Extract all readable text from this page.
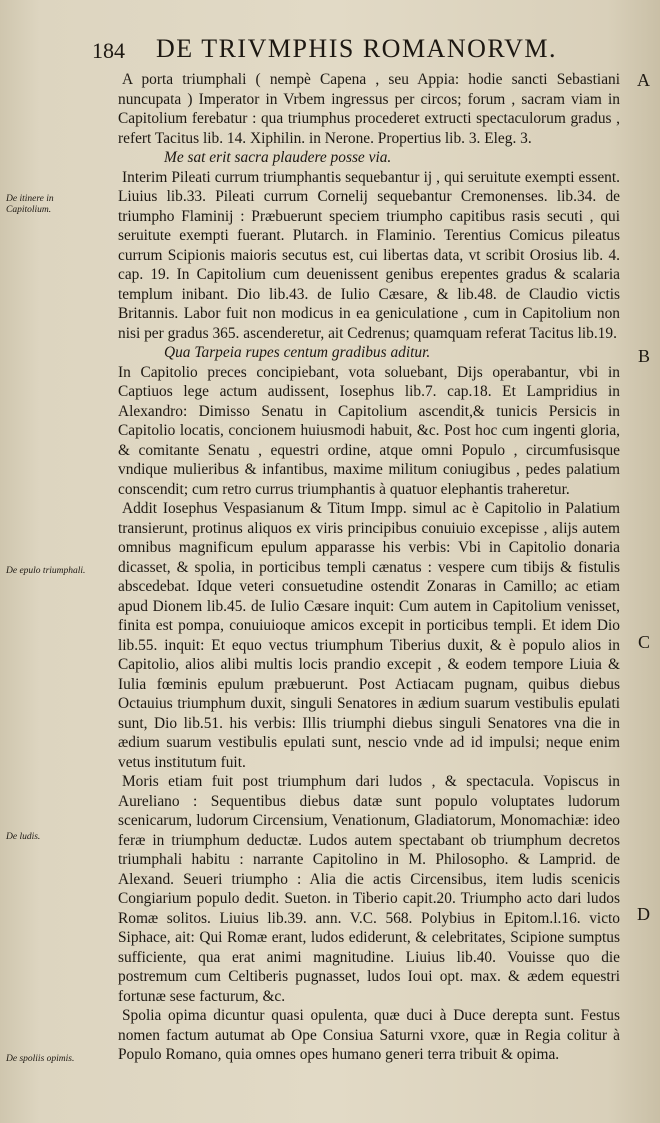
184 DE TRIVMPHIS ROMANORVM.
A
B
C
D
De itinere in Capitolium.
De epulo triumphali.
De ludis.
De spoliis opimis.

A porta triumphali ( nempè Capena , seu Appia: hodie sancti Sebastiani nuncupata ) Imperator in Vrbem ingressus per circos; forum , sacram viam in Capitolium ferebatur : qua triumphus procederet extructi spectaculorum gradus , refert Tacitus lib. 14. Xiphilin. in Nerone. Propertius lib. 3. Eleg. 3.

Me sat erit sacra plaudere posse via.

Interim Pileati currum triumphantis sequebantur ij , qui seruitute exempti essent. Liuius lib.33. Pileati currum Cornelij sequebantur Cremonenses. lib.34. de triumpho Flaminij : Præbuerunt speciem triumpho capitibus rasis secuti , qui seruitute exempti fuerant. Plutarch. in Flaminio. Terentius Comicus pileatus currum Scipionis maioris secutus est, cui libertas data, vt scribit Orosius lib. 4. cap. 19. In Capitolium cum deuenissent genibus erepentes gradus & scalaria templum inibant. Dio lib.43. de Iulio Cæsare, & lib.48. de Claudio victis Britannis. Labor fuit non modicus in ea geniculatione , cum in Capitolium non nisi per gradus 365. ascenderetur, ait Cedrenus; quamquam referat Tacitus lib.19.

Qua Tarpeia rupes centum gradibus aditur.

In Capitolio preces concipiebant, vota soluebant, Dijs operabantur, vbi in Captiuos lege actum audissent, Iosephus lib.7. cap.18. Et Lampridius in Alexandro: Dimisso Senatu in Capitolium ascendit,& tunicis Persicis in Capitolio locatis, concionem huiusmodi habuit, &c. Post hoc cum ingenti gloria, & comitante Senatu , equestri ordine, atque omni Populo , circumfusisque vndique mulieribus & infantibus, maxime militum coniugibus , pedes palatium conscendit; cum retro currus triumphantis à quatuor elephantis traheretur.

Addit Iosephus Vespasianum & Titum Impp. simul ac è Capitolio in Palatium transierunt, protinus aliquos ex viris principibus conuiuio excepisse , alijs autem omnibus magnificum epulum apparasse his verbis: Vbi in Capitolio donaria dicasset, & spolia, in porticibus templi cænatus : vespere cum tibijs & fistulis abscedebat. Idque veteri consuetudine ostendit Zonaras in Camillo; ac etiam apud Dionem lib.45. de Iulio Cæsare inquit: Cum autem in Capitolium venisset, finita est pompa, conuiuioque amicos excepit in porticibus templi. Et idem Dio lib.55. inquit: Et equo vectus triumphum Tiberius duxit, & è populo alios in Capitolio, alios alibi multis locis prandio excepit , & eodem tempore Liuia & Iulia fœminis epulum præbuerunt. Post Actiacam pugnam, quibus diebus Octauius triumphum duxit, singuli Senatores in ædium suarum vestibulis epulati sunt, Dio lib.51. his verbis: Illis triumphi diebus singuli Senatores vna die in ædium suarum vestibulis epulati sunt, nescio vnde ad id impulsi; neque enim vetus institutum fuit.

Moris etiam fuit post triumphum dari ludos , & spectacula. Vopiscus in Aureliano : Sequentibus diebus datæ sunt populo voluptates ludorum scenicarum, ludorum Circensium, Venationum, Gladiatorum, Monomachiæ: ideo feræ in triumphum deductæ. Ludos autem spectabant ob triumphum decretos triumphali habitu : narrante Capitolino in M. Philosopho. & Lamprid. de Alexand. Seueri triumpho : Alia die actis Circensibus, item ludis scenicis Congiarium populo dedit. Sueton. in Tiberio capit.20. Triumpho acto dari ludos Romæ solitos. Liuius lib.39. ann. V.C. 568. Polybius in Epitom.l.16. victo Siphace, ait: Qui Romæ erant, ludos ediderunt, & celebritates, Scipione sumptus sufficiente, qua erat animi magnitudine. Liuius lib.40. Vouisse quo die postremum cum Celtiberis pugnasset, ludos Ioui opt. max. & ædem equestri fortunæ sese facturum, &c.

Spolia opima dicuntur quasi opulenta, quæ duci à Duce derepta sunt. Festus nomen factum autumat ab Ope Consiua Saturni vxore, quæ in Regia colitur à Populo Romano, quia omnes opes humano generi terra tribuit & opima.
